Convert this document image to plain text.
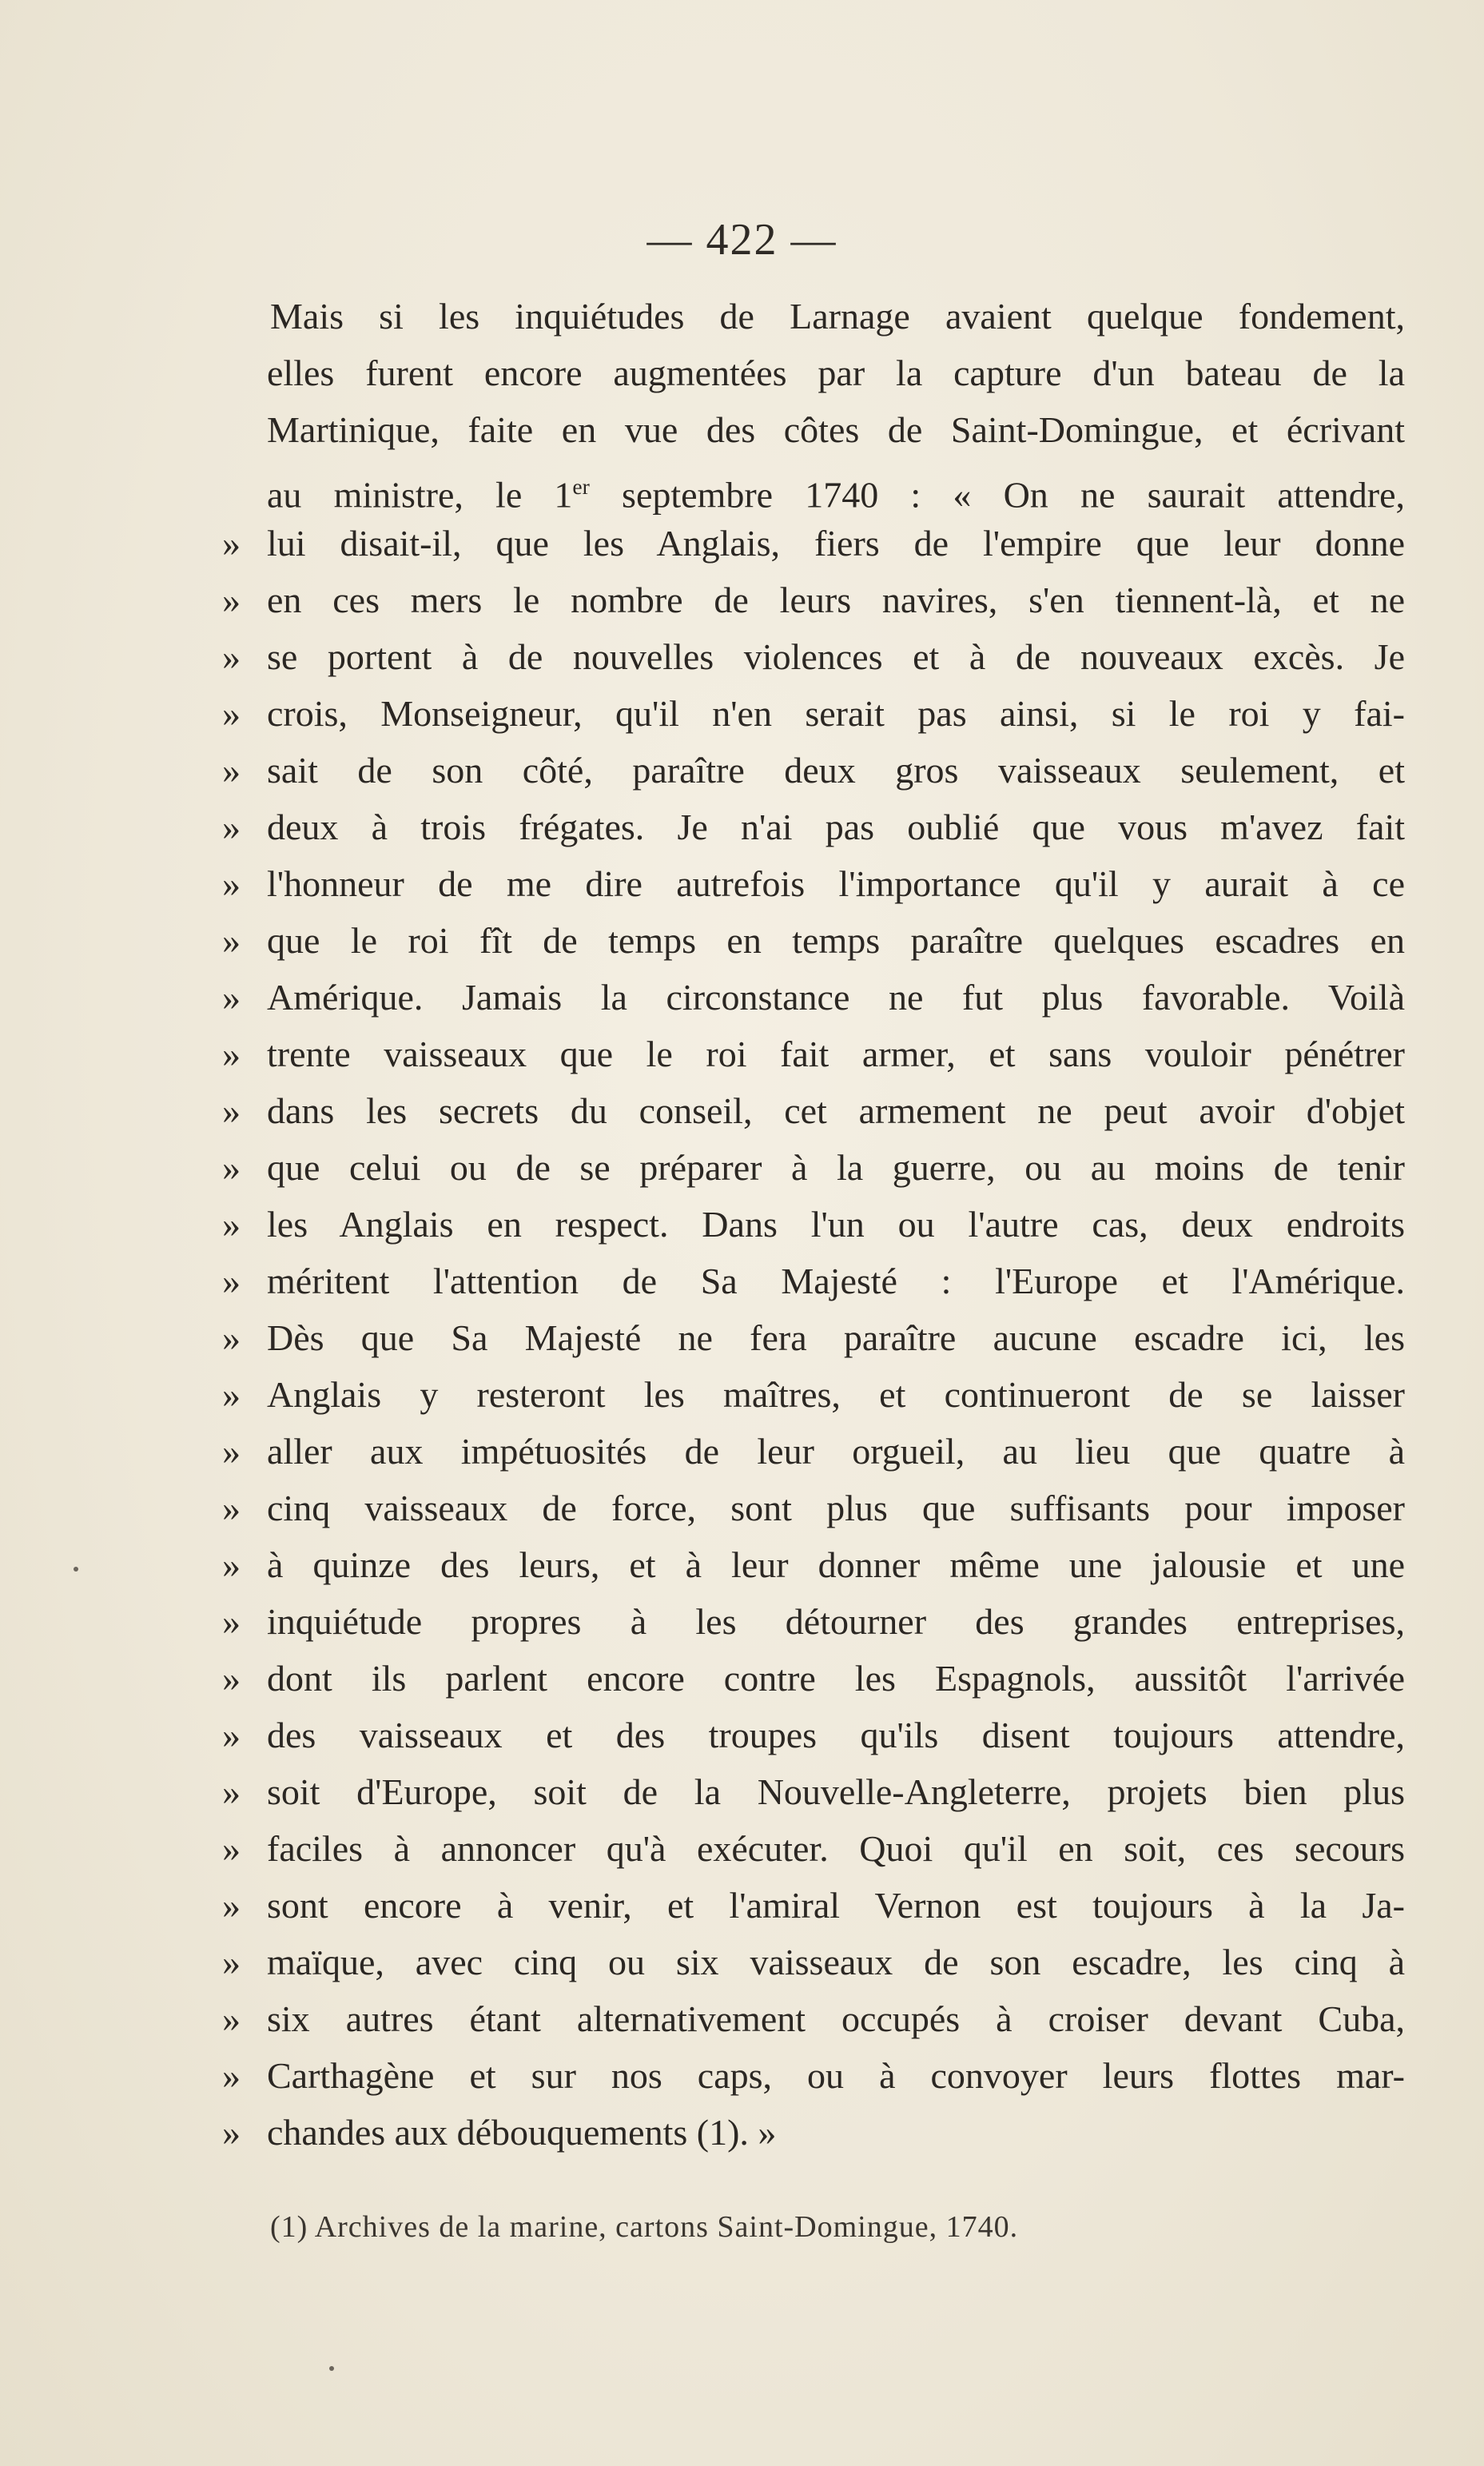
— 422 —
Mais si les inquiétudes de Larnage avaient quelque fondement,
elles furent encore augmentées par la capture d'un bateau de la
Martinique, faite en vue des côtes de Saint-Domingue, et écrivant
au ministre, le 1er septembre 1740 : « On ne saurait attendre,
» lui disait-il, que les Anglais, fiers de l'empire que leur donne
» en ces mers le nombre de leurs navires, s'en tiennent-là, et ne
» se portent à de nouvelles violences et à de nouveaux excès. Je
» crois, Monseigneur, qu'il n'en serait pas ainsi, si le roi y fai-
» sait de son côté, paraître deux gros vaisseaux seulement, et
» deux à trois frégates. Je n'ai pas oublié que vous m'avez fait
» l'honneur de me dire autrefois l'importance qu'il y aurait à ce
» que le roi fît de temps en temps paraître quelques escadres en
» Amérique. Jamais la circonstance ne fut plus favorable. Voilà
» trente vaisseaux que le roi fait armer, et sans vouloir pénétrer
» dans les secrets du conseil, cet armement ne peut avoir d'objet
» que celui ou de se préparer à la guerre, ou au moins de tenir
» les Anglais en respect. Dans l'un ou l'autre cas, deux endroits
» méritent l'attention de Sa Majesté : l'Europe et l'Amérique.
» Dès que Sa Majesté ne fera paraître aucune escadre ici, les
» Anglais y resteront les maîtres, et continueront de se laisser
» aller aux impétuosités de leur orgueil, au lieu que quatre à
» cinq vaisseaux de force, sont plus que suffisants pour imposer
» à quinze des leurs, et à leur donner même une jalousie et une
» inquiétude propres à les détourner des grandes entreprises,
» dont ils parlent encore contre les Espagnols, aussitôt l'arrivée
» des vaisseaux et des troupes qu'ils disent toujours attendre,
» soit d'Europe, soit de la Nouvelle-Angleterre, projets bien plus
» faciles à annoncer qu'à exécuter. Quoi qu'il en soit, ces secours
» sont encore à venir, et l'amiral Vernon est toujours à la Ja-
» maïque, avec cinq ou six vaisseaux de son escadre, les cinq à
» six autres étant alternativement occupés à croiser devant Cuba,
» Carthagène et sur nos caps, ou à convoyer leurs flottes mar-
» chandes aux débouquements (1). »
(1) Archives de la marine, cartons Saint-Domingue, 1740.
